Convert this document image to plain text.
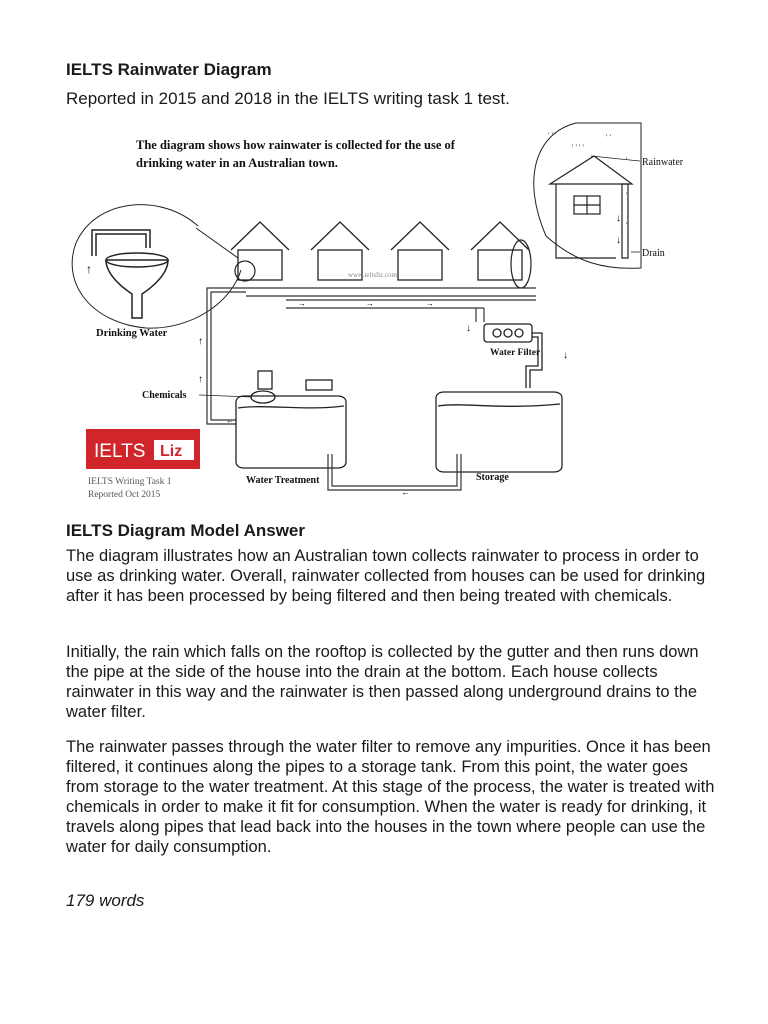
IELTS Rainwater Diagram

Reported in 2015 and 2018 in the IELTS writing task 1 test.

The diagram shows how rainwater is collected for the use of
drinking water in an Australian town.
↑
Drinking Water
' ' '
' ' ' '
' '
'
'
'
↓
↓
Rainwater
Drain
www.ieltsliz.com
→	→	→
↓
↑
↑
←
Water Filter ↓
Storage
Chemicals
Water Treatment
←
IELTS Liz
IELTS Writing Task 1
Reported Oct 2015
IELTS Diagram Model Answer

The diagram illustrates how an Australian town collects rainwater to process in order to use as drinking water. Overall, rainwater collected from houses can be used for drinking after it has been processed by being filtered and then being treated with chemicals.

Initially, the rain which falls on the rooftop is collected by the gutter and then runs down the pipe at the side of the house into the drain at the bottom. Each house collects rainwater in this way and the rainwater is then passed along underground drains to the water filter.

The rainwater passes through the water filter to remove any impurities. Once it has been filtered, it continues along the pipes to a storage tank. From this point, the water goes from storage to the water treatment. At this stage of the process, the water is treated with chemicals in order to make it fit for consumption. When the water is ready for drinking, it travels along pipes that lead back into the houses in the town where people can use the water for daily consumption.

179 words
